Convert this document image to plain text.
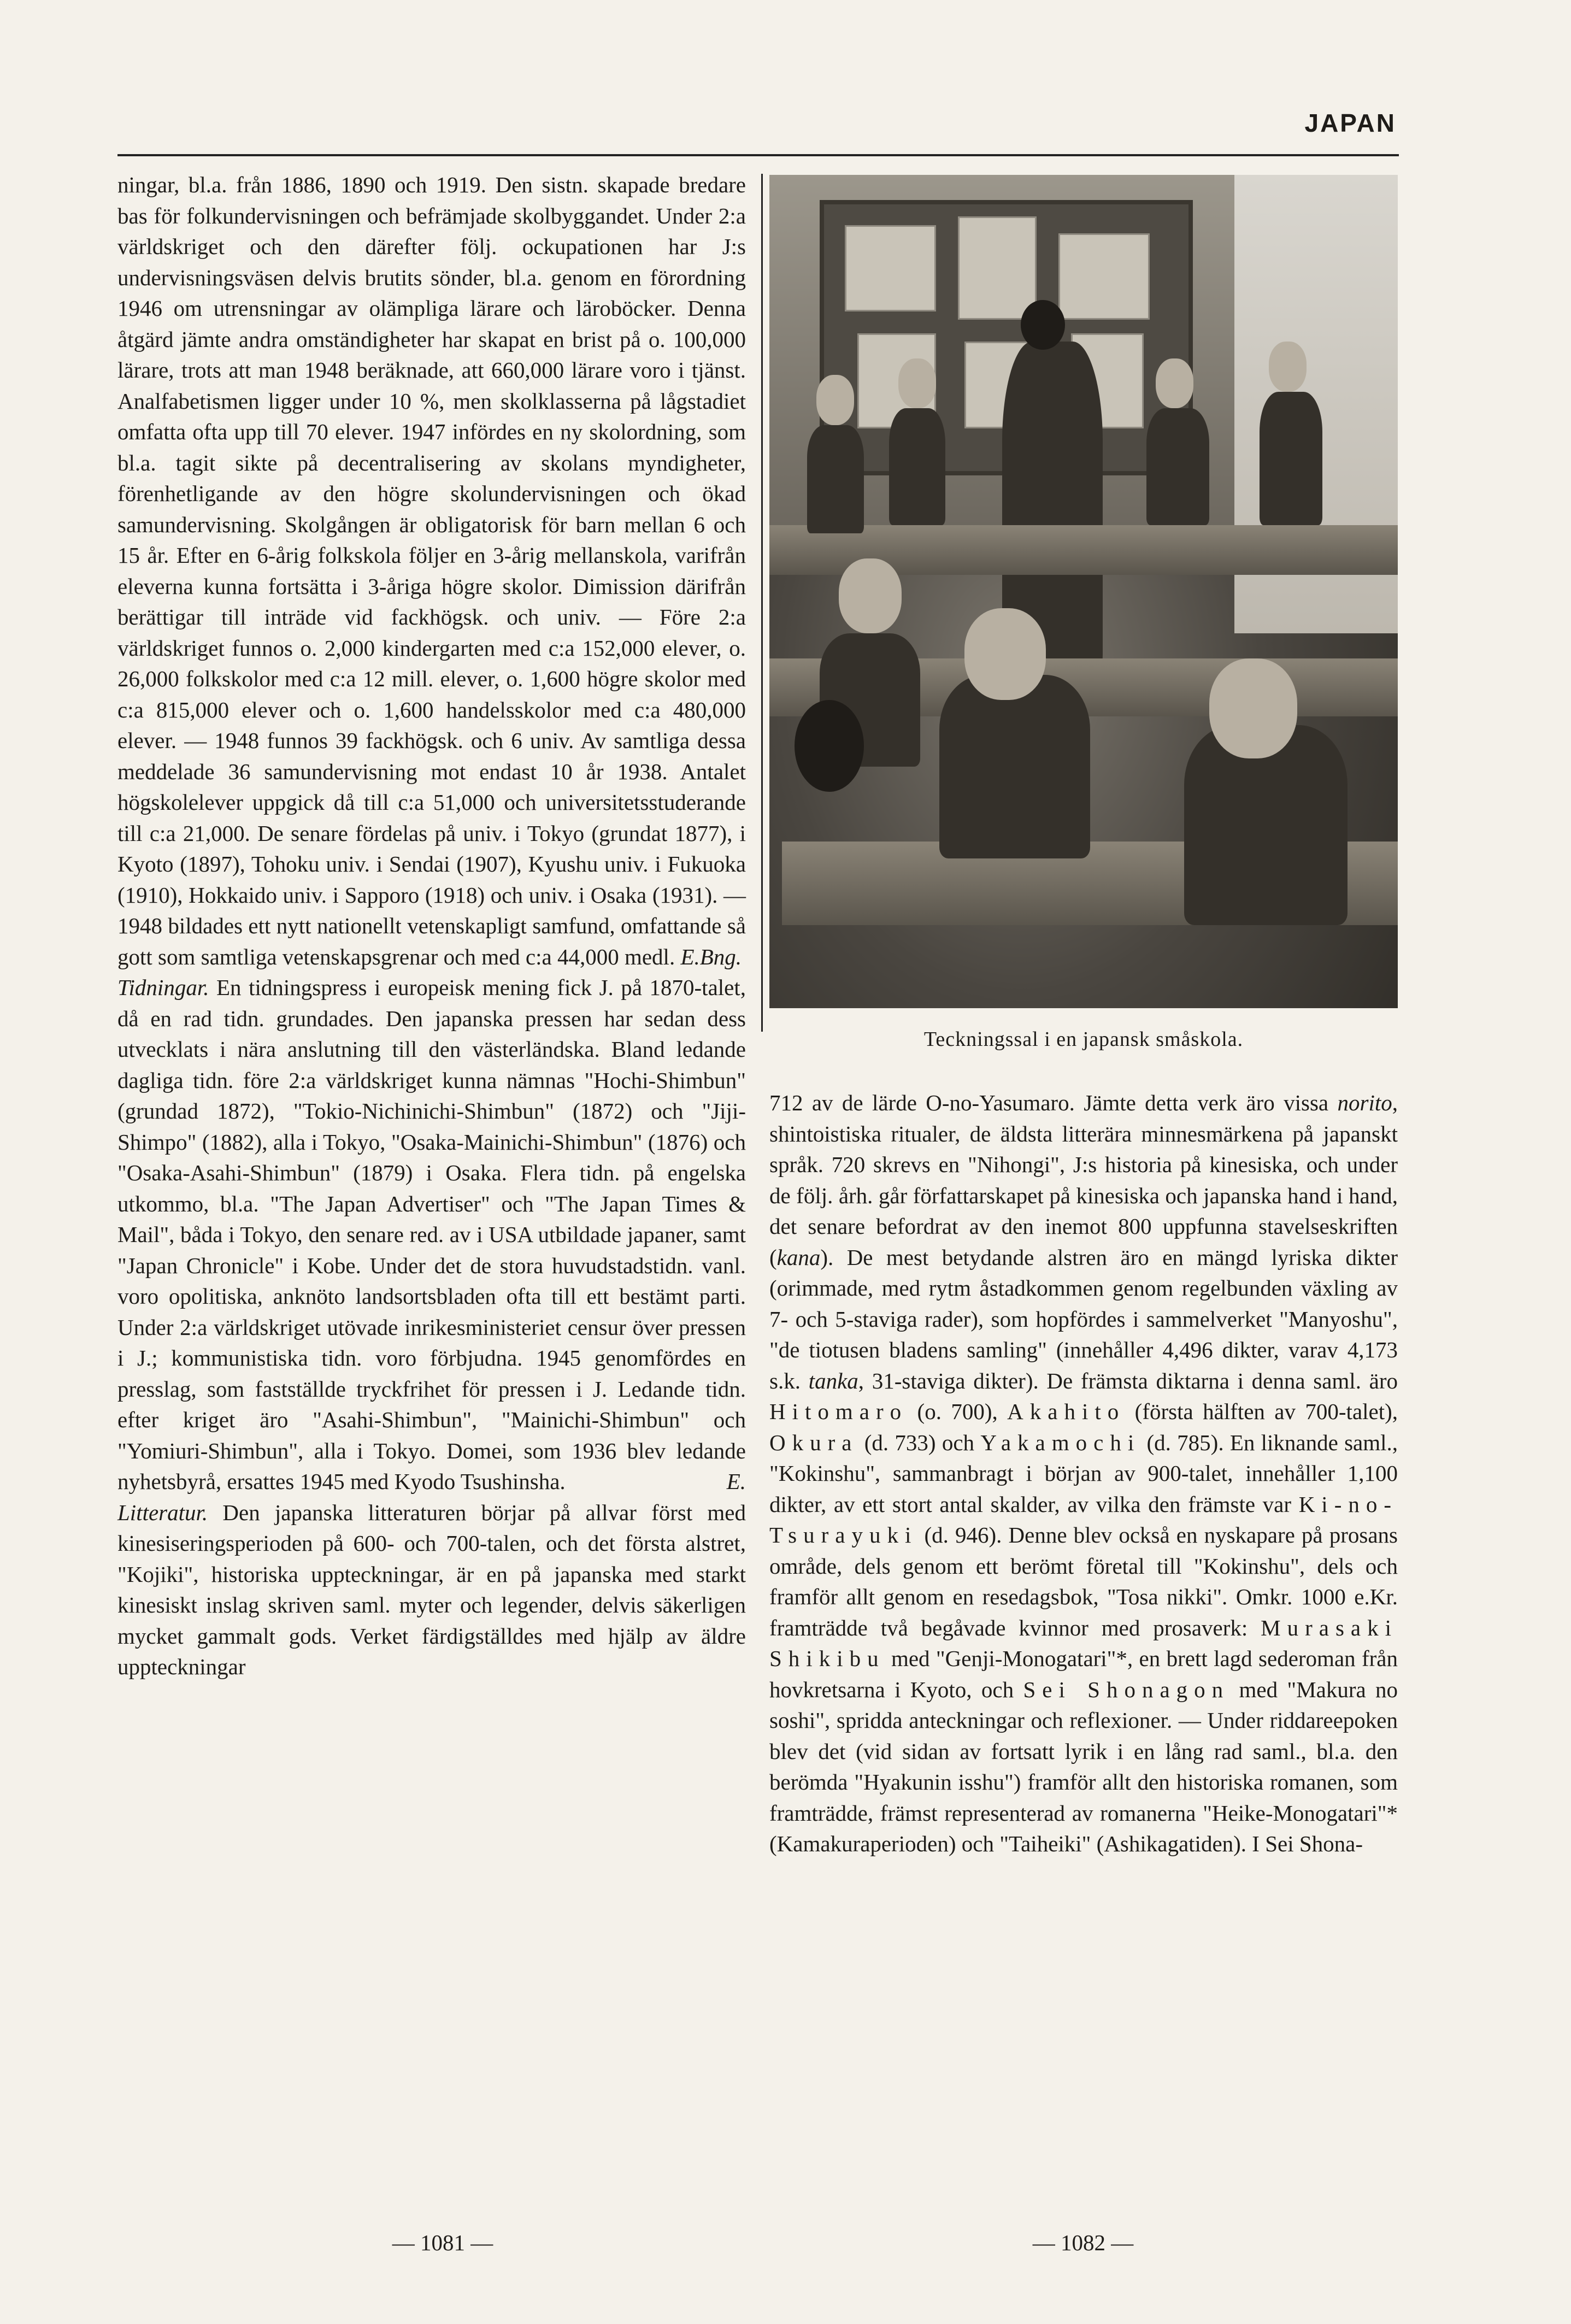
JAPAN

ningar, bl.a. från 1886, 1890 och 1919. Den sistn. skapade bredare bas för folkundervisningen och befrämjade skolbyggandet. Under 2:a världskriget och den därefter följ. ockupationen har J:s undervisningsväsen delvis brutits sönder, bl.a. genom en förordning 1946 om utrensningar av olämpliga lärare och läroböcker. Denna åtgärd jämte andra omständigheter har skapat en brist på o. 100,000 lärare, trots att man 1948 beräknade, att 660,000 lärare voro i tjänst. Analfabetismen ligger under 10 %, men skolklasserna på lågstadiet omfatta ofta upp till 70 elever. 1947 infördes en ny skolordning, som bl.a. tagit sikte på decentralisering av skolans myndigheter, förenhetligande av den högre skolundervisningen och ökad samundervisning. Skolgången är obligatorisk för barn mellan 6 och 15 år. Efter en 6-årig folkskola följer en 3-årig mellanskola, varifrån eleverna kunna fortsätta i 3-åriga högre skolor. Dimission därifrån berättigar till inträde vid fackhögsk. och univ. — Före 2:a världskriget funnos o. 2,000 kindergarten med c:a 152,000 elever, o. 26,000 folkskolor med c:a 12 mill. elever, o. 1,600 högre skolor med c:a 815,000 elever och o. 1,600 handelsskolor med c:a 480,000 elever. — 1948 funnos 39 fackhögsk. och 6 univ. Av samtliga dessa meddelade 36 samundervisning mot endast 10 år 1938. Antalet högskolelever uppgick då till c:a 51,000 och universitetsstuderande till c:a 21,000. De senare fördelas på univ. i Tokyo (grundat 1877), i Kyoto (1897), Tohoku univ. i Sendai (1907), Kyushu univ. i Fukuoka (1910), Hokkaido univ. i Sapporo (1918) och univ. i Osaka (1931). — 1948 bildades ett nytt nationellt vetenskapligt samfund, omfattande så gott som samtliga vetenskapsgrenar och med c:a 44,000 medl. E.Bng.

Tidningar. En tidningspress i europeisk mening fick J. på 1870-talet, då en rad tidn. grundades. Den japanska pressen har sedan dess utvecklats i nära anslutning till den västerländska. Bland ledande dagliga tidn. före 2:a världskriget kunna nämnas "Hochi-Shimbun" (grundad 1872), "Tokio-Nichinichi-Shimbun" (1872) och "Jiji-Shimpo" (1882), alla i Tokyo, "Osaka-Mainichi-Shimbun" (1876) och "Osaka-Asahi-Shimbun" (1879) i Osaka. Flera tidn. på engelska utkommo, bl.a. "The Japan Advertiser" och "The Japan Times & Mail", båda i Tokyo, den senare red. av i USA utbildade japaner, samt "Japan Chronicle" i Kobe. Under det de stora huvudstadstidn. vanl. voro opolitiska, anknöto landsortsbladen ofta till ett bestämt parti. Under 2:a världskriget utövade inrikesministeriet censur över pressen i J.; kommunistiska tidn. voro förbjudna. 1945 genomfördes en presslag, som fastställde tryckfrihet för pressen i J. Ledande tidn. efter kriget äro "Asahi-Shimbun", "Mainichi-Shimbun" och "Yomiuri-Shimbun", alla i Tokyo. Domei, som 1936 blev ledande nyhetsbyrå, ersattes 1945 med Kyodo Tsushinsha.	E.

Litteratur. Den japanska litteraturen börjar på allvar först med kinesiseringsperioden på 600- och 700-talen, och det första alstret, "Kojiki", historiska uppteckningar, är en på japanska med starkt kinesiskt inslag skriven saml. myter och legender, delvis säkerligen mycket gammalt gods. Verket färdigställdes med hjälp av äldre uppteckningar

Teckningssal i en japansk småskola.

712 av de lärde O-no-Yasumaro. Jämte detta verk äro vissa norito, shintoistiska ritualer, de äldsta litterära minnesmärkena på japanskt språk. 720 skrevs en "Nihongi", J:s historia på kinesiska, och under de följ. årh. går författarskapet på kinesiska och japanska hand i hand, det senare befordrat av den inemot 800 uppfunna stavelseskriften (kana). De mest betydande alstren äro en mängd lyriska dikter (orimmade, med rytm åstadkommen genom regelbunden växling av 7- och 5-staviga rader), som hopfördes i sammelverket "Manyoshu", "de tiotusen bladens samling" (innehåller 4,496 dikter, varav 4,173 s.k. tanka, 31-staviga dikter). De främsta diktarna i denna saml. äro Hitomaro (o. 700), Akahito (första hälften av 700-talet), Okura (d. 733) och Yakamochi (d. 785). En liknande saml., "Kokinshu", sammanbragt i början av 900-talet, innehåller 1,100 dikter, av ett stort antal skalder, av vilka den främste var Ki-no-Tsurayuki (d. 946). Denne blev också en nyskapare på prosans område, dels genom ett berömt företal till "Kokinshu", dels och framför allt genom en resedagsbok, "Tosa nikki". Omkr. 1000 e.Kr. framträdde två begåvade kvinnor med prosaverk: Murasaki Shikibu med "Genji-Monogatari"*, en brett lagd sederoman från hovkretsarna i Kyoto, och Sei Shonagon med "Makura no soshi", spridda anteckningar och reflexioner. — Under riddareepoken blev det (vid sidan av fortsatt lyrik i en lång rad saml., bl.a. den berömda "Hyakunin isshu") framför allt den historiska romanen, som framträdde, främst representerad av romanerna "Heike-Monogatari"* (Kamakuraperioden) och "Taiheiki" (Ashikagatiden). I Sei Shona-

— 1081 —	— 1082 —
